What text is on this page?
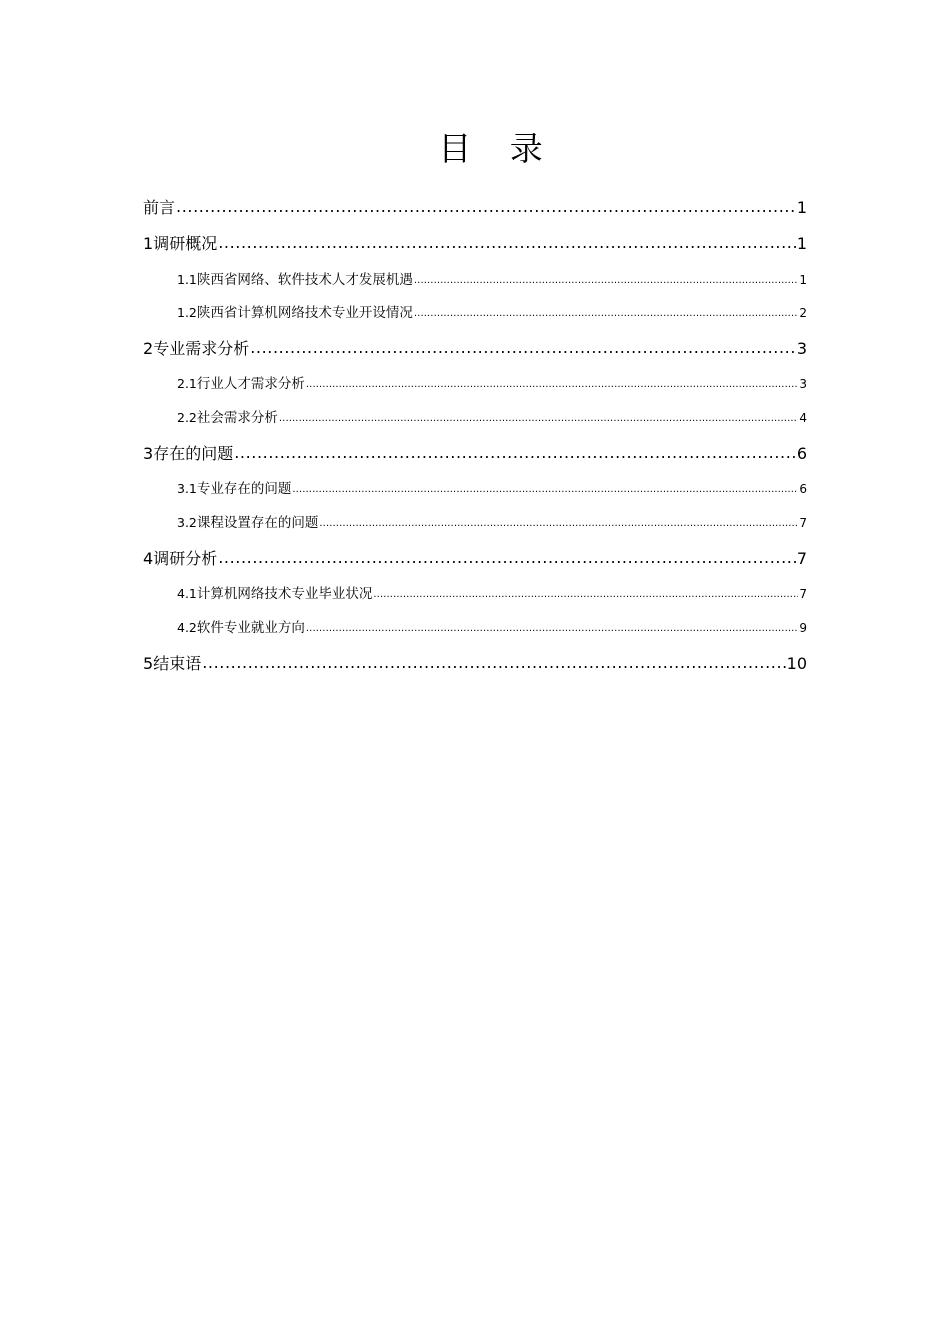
目 录
前言 .....	1
1 调研概况 .....	1
1.1 陕西省网络、软件技术人才发展机遇 .....	1
1.2 陕西省计算机网络技术专业开设情况 .....	2
2 专业需求分析 .....	3
2.1 行业人才需求分析 .....	3
2.2 社会需求分析 .....	4
3 存在的问题 .....	6
3.1 专业存在的问题 .....	6
3.2 课程设置存在的问题 .....	7
4 调研分析 .....	7
4.1 计算机网络技术专业毕业状况 .....	7
4.2 软件专业就业方向 .....	9
5 结束语 .....	10
